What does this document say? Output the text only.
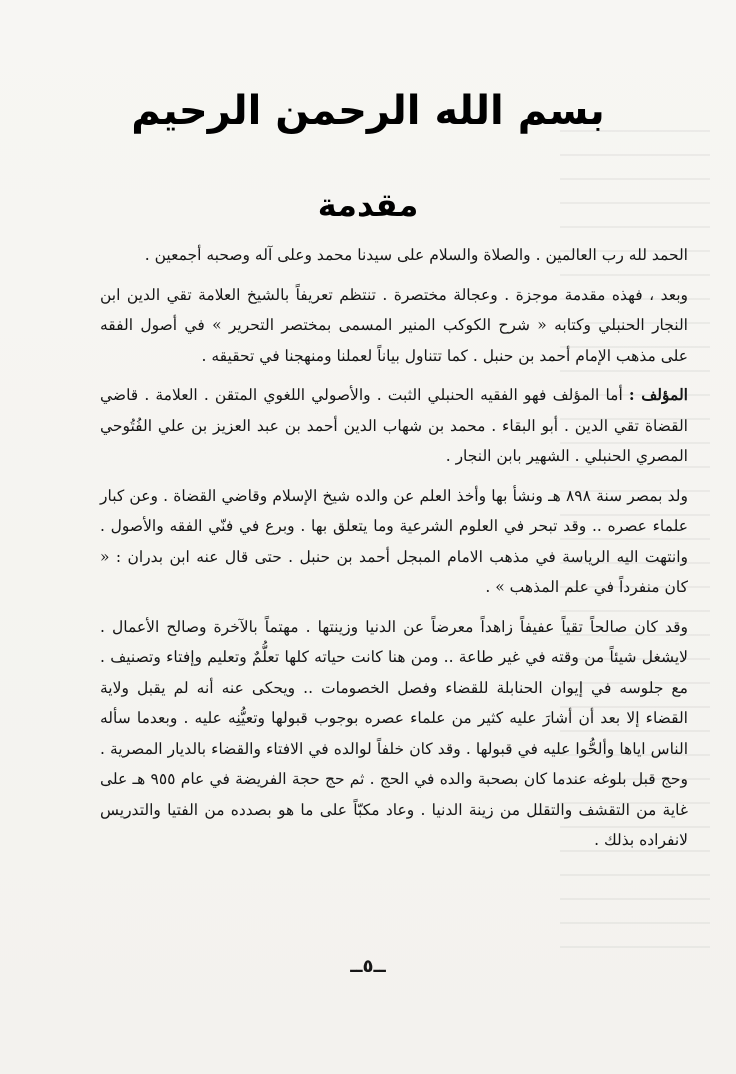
بسم الله الرحمن الرحيم
مقدمة

الحمد لله رب العالمين . والصلاة والسلام على سيدنا محمد وعلى آله وصحبه أجمعين .

وبعد ، فهذه مقدمة موجزة . وعجالة مختصرة . تنتظم تعريفاً بالشيخ العلامة تقي الدين ابن النجار الحنبلي وكتابه « شرح الكوكب المنير المسمى بمختصر التحرير » في أصول الفقه على مذهب الإمام أحمد بن حنبل . كما تتناول بياناً لعملنا ومنهجنا في تحقيقه .

المؤلف : أما المؤلف فهو الفقيه الحنبلي الثبت . والأصولي اللغوي المتقن . العلامة . قاضي القضاة تقي الدين . أبو البقاء . محمد بن شهاب الدين أحمد بن عبد العزيز بن علي الفُتُوحي المصري الحنبلي . الشهير بابن النجار .

ولد بمصر سنة ٨٩٨ هـ ونشأ بها وأخذ العلم عن والده شيخ الإسلام وقاضي القضاة . وعن كبار علماء عصره .. وقد تبحر في العلوم الشرعية وما يتعلق بها . وبرع في فنّي الفقه والأصول . وانتهت اليه الرياسة في مذهب الامام المبجل أحمد بن حنبل . حتى قال عنه ابن بدران : « كان منفرداً في علم المذهب » .

وقد كان صالحاً تقياً عفيفاً زاهداً معرضاً عن الدنيا وزينتها . مهتماً بالآخرة وصالح الأعمال . لايشغل شيئاً من وقته في غير طاعة .. ومن هنا كانت حياته كلها تعلُّمٌ وتعليم وإفتاء وتصنيف . مع جلوسه في إيوان الحنابلة للقضاء وفصل الخصومات .. ويحكى عنه أنه لم يقبل ولاية القضاء إلا بعد أن أشارَ عليه كثير من علماء عصره بوجوب قبولها وتعيُّنِه عليه . وبعدما سأله الناس اياها وألحُّوا عليه في قبولها . وقد كان خلفاً لوالده في الافتاء والقضاء بالديار المصرية . وحج قبل بلوغه عندما كان بصحبة والده في الحج . ثم حج حجة الفريضة في عام ٩٥٥ هـ على غاية من التقشف والتقلل من زينة الدنيا . وعاد مكبّاً على ما هو بصدده من الفتيا والتدريس لانفراده بذلك .

ــ٥ــ
